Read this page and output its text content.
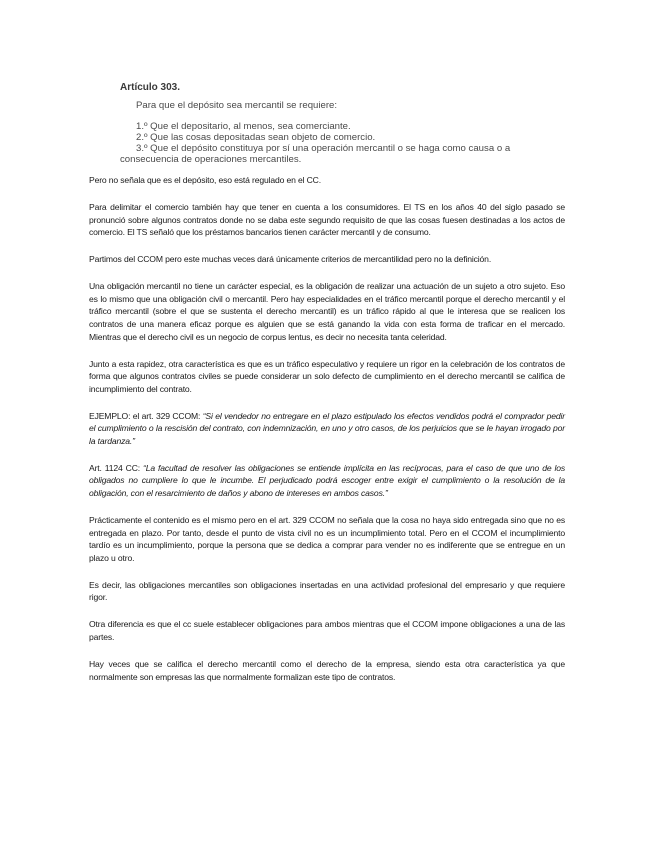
Artículo 303.
Para que el depósito sea mercantil se requiere:
1.º Que el depositario, al menos, sea comerciante.
2.º Que las cosas depositadas sean objeto de comercio.
3.º Que el depósito constituya por sí una operación mercantil o se haga como causa o a
consecuencia de operaciones mercantiles.

Pero no señala que es el depósito, eso está regulado en el CC.

Para delimitar el comercio también hay que tener en cuenta a los consumidores. El TS en los años 40 del siglo pasado se pronunció sobre algunos contratos donde no se daba este segundo requisito de que las cosas fuesen destinadas a los actos de comercio. El TS señaló que los préstamos bancarios tienen carácter mercantil y de consumo.

Partimos del CCOM pero este muchas veces dará únicamente criterios de mercantilidad pero no la definición.

Una obligación mercantil no tiene un carácter especial, es la obligación de realizar una actuación de un sujeto a otro sujeto. Eso es lo mismo que una obligación civil o mercantil. Pero hay especialidades en el tráfico mercantil porque el derecho mercantil y el tráfico mercantil (sobre el que se sustenta el derecho mercantil) es un tráfico rápido al que le interesa que se realicen los contratos de una manera eficaz porque es alguien que se está ganando la vida con esta forma de traficar en el mercado. Mientras que el derecho civil es un negocio de corpus lentus, es decir no necesita tanta celeridad.

Junto a esta rapidez, otra característica es que es un tráfico especulativo y requiere un rigor en la celebración de los contratos de forma que algunos contratos civiles se puede considerar un solo defecto de cumplimiento en el derecho mercantil se califica de incumplimiento del contrato.

EJEMPLO: el art. 329 CCOM: “Si el vendedor no entregare en el plazo estipulado los efectos vendidos podrá el comprador pedir el cumplimiento o la rescisión del contrato, con indemnización, en uno y otro casos, de los perjuicios que se le hayan irrogado por la tardanza.”

Art. 1124 CC: “La facultad de resolver las obligaciones se entiende implícita en las recíprocas, para el caso de que uno de los obligados no cumpliere lo que le incumbe. El perjudicado podrá escoger entre exigir el cumplimiento o la resolución de la obligación, con el resarcimiento de daños y abono de intereses en ambos casos.”

Prácticamente el contenido es el mismo pero en el art. 329 CCOM no señala que la cosa no haya sido entregada sino que no es entregada en plazo. Por tanto, desde el punto de vista civil no es un incumplimiento total. Pero en el CCOM el incumplimiento tardío es un incumplimiento, porque la persona que se dedica a comprar para vender no es indiferente que se entregue en un plazo u otro.

Es decir, las obligaciones mercantiles son obligaciones insertadas en una actividad profesional del empresario y que requiere rigor.

Otra diferencia es que el cc suele establecer obligaciones para ambos mientras que el CCOM impone obligaciones a una de las partes.

Hay veces que se califica el derecho mercantil como el derecho de la empresa, siendo esta otra característica ya que normalmente son empresas las que normalmente formalizan este tipo de contratos.
